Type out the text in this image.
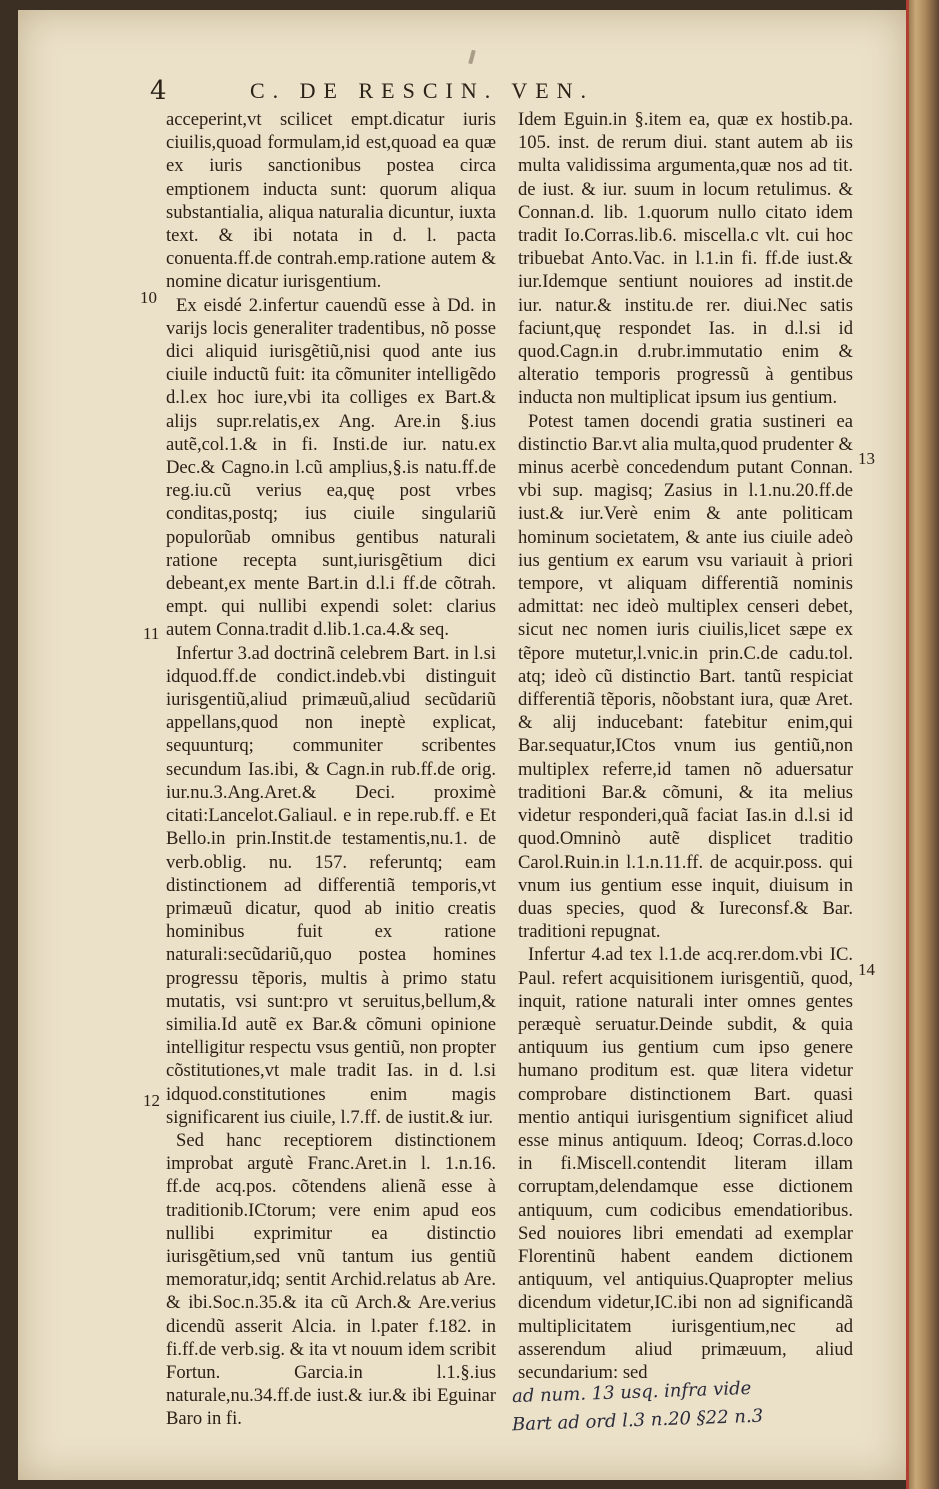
4	C. DE RESCIN. VEN.

acceperint,vt scilicet empt.dicatur iuris ciuilis,quoad formulam,id est,quoad ea quæ ex iuris sanctionibus postea circa emptionem inducta sunt: quorum aliqua substantialia, aliqua naturalia dicuntur, iuxta text. & ibi notata in d. l. pacta conuenta.ff.de contrah.emp.ratione autem & nomine dicatur iurisgentium.

Ex eisdé 2.infertur cauendũ esse à Dd. in varijs locis generaliter tradentibus, nõ posse dici aliquid iurisgẽtiũ,nisi quod ante ius ciuile inductũ fuit: ita cõmuniter intelligẽdo d.l.ex hoc iure,vbi ita colliges ex Bart.& alijs supr.relatis,ex Ang. Are.in §.ius autẽ,col.1.& in fi. Insti.de iur. natu.ex Dec.& Cagno.in l.cũ amplius,§.is natu.ff.de reg.iu.cũ verius ea,quę post vrbes conditas,postq; ius ciuile singulariũ populorũab omnibus gentibus naturali ratione recepta sunt,iurisgẽtium dici debeant,ex mente Bart.in d.l.i ff.de cõtrah. empt. qui nullibi expendi solet: clarius autem Conna.tradit d.lib.1.ca.4.& seq.

Infertur 3.ad doctrinã celebrem Bart. in l.si idquod.ff.de condict.indeb.vbi distinguit iurisgentiũ,aliud primæuũ,aliud secũdariũ appellans,quod non ineptè explicat, sequunturq; communiter scribentes secundum Ias.ibi, & Cagn.in rub.ff.de orig. iur.nu.3.Ang.Aret.& Deci. proximè citati:Lancelot.Galiaul. e in repe.rub.ff. e Et Bello.in prin.Instit.de testamentis,nu.1. de verb.oblig. nu. 157. referuntq; eam distinctionem ad differentiã temporis,vt primæuũ dicatur, quod ab initio creatis hominibus fuit ex ratione naturali:secũdariũ,quo postea homines progressu tẽporis, multis à primo statu mutatis, vsi sunt:pro vt seruitus,bellum,& similia.Id autẽ ex Bar.& cõmuni opinione intelligitur respectu vsus gentiũ, non propter cõstitutiones,vt male tradit Ias. in d. l.si idquod.constitutiones enim magis significarent ius ciuile, l.7.ff. de iustit.& iur.

Sed hanc receptiorem distinctionem improbat argutè Franc.Aret.in l. 1.n.16. ff.de acq.pos. cõtendens alienã esse à traditionib.ICtorum; vere enim apud eos nullibi exprimitur ea distinctio iurisgẽtium,sed vnũ tantum ius gentiũ memoratur,idq; sentit Archid.relatus ab Are. & ibi.Soc.n.35.& ita cũ Arch.& Are.verius dicendũ asserit Alcia. in l.pater f.182. in fi.ff.de verb.sig. & ita vt nouum idem scribit Fortun. Garcia.in l.1.§.ius naturale,nu.34.ff.de iust.& iur.& ibi Eguinar Baro in fi.

Idem Eguin.in §.item ea, quæ ex hostib.pa. 105. inst. de rerum diui. stant autem ab iis multa validissima argumenta,quæ nos ad tit. de iust. & iur. suum in locum retulimus. & Connan.d. lib. 1.quorum nullo citato idem tradit Io.Corras.lib.6. miscella.c vlt. cui hoc tribuebat Anto.Vac. in l.1.in fi. ff.de iust.& iur.Idemque sentiunt nouiores ad instit.de iur. natur.& institu.de rer. diui.Nec satis faciunt,quę respondet Ias. in d.l.si id quod.Cagn.in d.rubr.immutatio enim & alteratio temporis progressũ à gentibus inducta non multiplicat ipsum ius gentium.

Potest tamen docendi gratia sustineri ea distinctio Bar.vt alia multa,quod prudenter & minus acerbè concedendum putant Connan. vbi sup. magisq; Zasius in l.1.nu.20.ff.de iust.& iur.Verè enim & ante politicam hominum societatem, & ante ius ciuile adeò ius gentium ex earum vsu variauit à priori tempore, vt aliquam differentiã nominis admittat: nec ideò multiplex censeri debet, sicut nec nomen iuris ciuilis,licet sæpe ex tẽpore mutetur,l.vnic.in prin.C.de cadu.tol. atq; ideò cũ distinctio Bart. tantũ respiciat differentiã tẽporis, nõobstant iura, quæ Aret. & alij inducebant: fatebitur enim,qui Bar.sequatur,ICtos vnum ius gentiũ,non multiplex referre,id tamen nõ aduersatur traditioni Bar.& cõmuni, & ita melius videtur responderi,quã faciat Ias.in d.l.si id quod.Omninò autẽ displicet traditio Carol.Ruin.in l.1.n.11.ff. de acquir.poss. qui vnum ius gentium esse inquit, diuisum in duas species, quod & Iureconsf.& Bar. traditioni repugnat.

Infertur 4.ad tex l.1.de acq.rer.dom.vbi IC. Paul. refert acquisitionem iurisgentiũ, quod, inquit, ratione naturali inter omnes gentes peræquè seruatur.Deinde subdit, & quia antiquum ius gentium cum ipso genere humano proditum est. quæ litera videtur comprobare distinctionem Bart. quasi mentio antiqui iurisgentium significet aliud esse minus antiquum. Ideoq; Corras.d.loco in fi.Miscell.contendit literam illam corruptam,delendamque esse dictionem antiquum, cum codicibus emendatioribus. Sed nouiores libri emendati ad exemplar Florentinũ habent eandem dictionem antiquum, vel antiquius.Quapropter melius dicendum videtur,IC.ibi non ad significandã multiplicitatem iurisgentium,nec ad asserendum aliud primæuum, aliud secundarium: sed

10
11
12
13
14
ad num. 13 usq. infra vide
Bart ad ord l.3 n.20 §22 n.3
